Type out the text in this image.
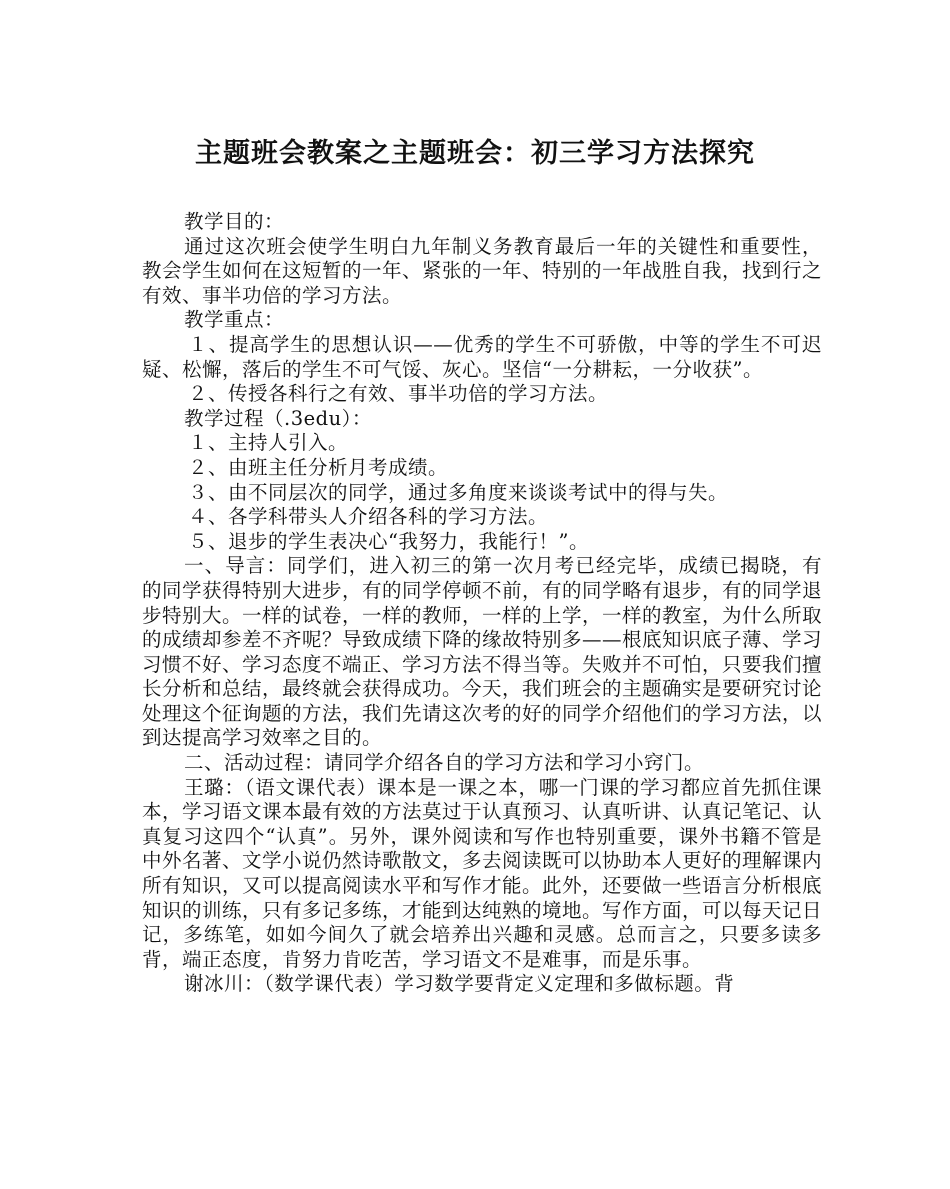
主题班会教案之主题班会：初三学习方法探究

教学目的：

通过这次班会使学生明白九年制义务教育最后一年的关键性和重要性，教会学生如何在这短暂的一年、紧张的一年、特别的一年战胜自我，找到行之有效、事半功倍的学习方法。

教学重点：

１、提高学生的思想认识——优秀的学生不可骄傲，中等的学生不可迟疑、松懈，落后的学生不可气馁、灰心。坚信“一分耕耘，一分收获”。

２、传授各科行之有效、事半功倍的学习方法。

教学过程（.3edu）：

１、主持人引入。

２、由班主任分析月考成绩。

３、由不同层次的同学，通过多角度来谈谈考试中的得与失。

４、各学科带头人介绍各科的学习方法。

５、退步的学生表决心“我努力，我能行！”。

一、导言：同学们，进入初三的第一次月考已经完毕，成绩已揭晓，有的同学获得特别大进步，有的同学停顿不前，有的同学略有退步，有的同学退步特别大。一样的试卷，一样的教师，一样的上学，一样的教室，为什么所取的成绩却参差不齐呢？导致成绩下降的缘故特别多——根底知识底子薄、学习习惯不好、学习态度不端正、学习方法不得当等。失败并不可怕，只要我们擅长分析和总结，最终就会获得成功。今天，我们班会的主题确实是要研究讨论处理这个征询题的方法，我们先请这次考的好的同学介绍他们的学习方法，以到达提高学习效率之目的。

二、活动过程：请同学介绍各自的学习方法和学习小窍门。

王璐：（语文课代表）课本是一课之本，哪一门课的学习都应首先抓住课本，学习语文课本最有效的方法莫过于认真预习、认真听讲、认真记笔记、认真复习这四个“认真”。另外，课外阅读和写作也特别重要，课外书籍不管是中外名著、文学小说仍然诗歌散文，多去阅读既可以协助本人更好的理解课内所有知识，又可以提高阅读水平和写作才能。此外，还要做一些语言分析根底知识的训练，只有多记多练，才能到达纯熟的境地。写作方面，可以每天记日记，多练笔，如如今间久了就会培养出兴趣和灵感。总而言之，只要多读多背，端正态度，肯努力肯吃苦，学习语文不是难事，而是乐事。

谢冰川：（数学课代表）学习数学要背定义定理和多做标题。背
